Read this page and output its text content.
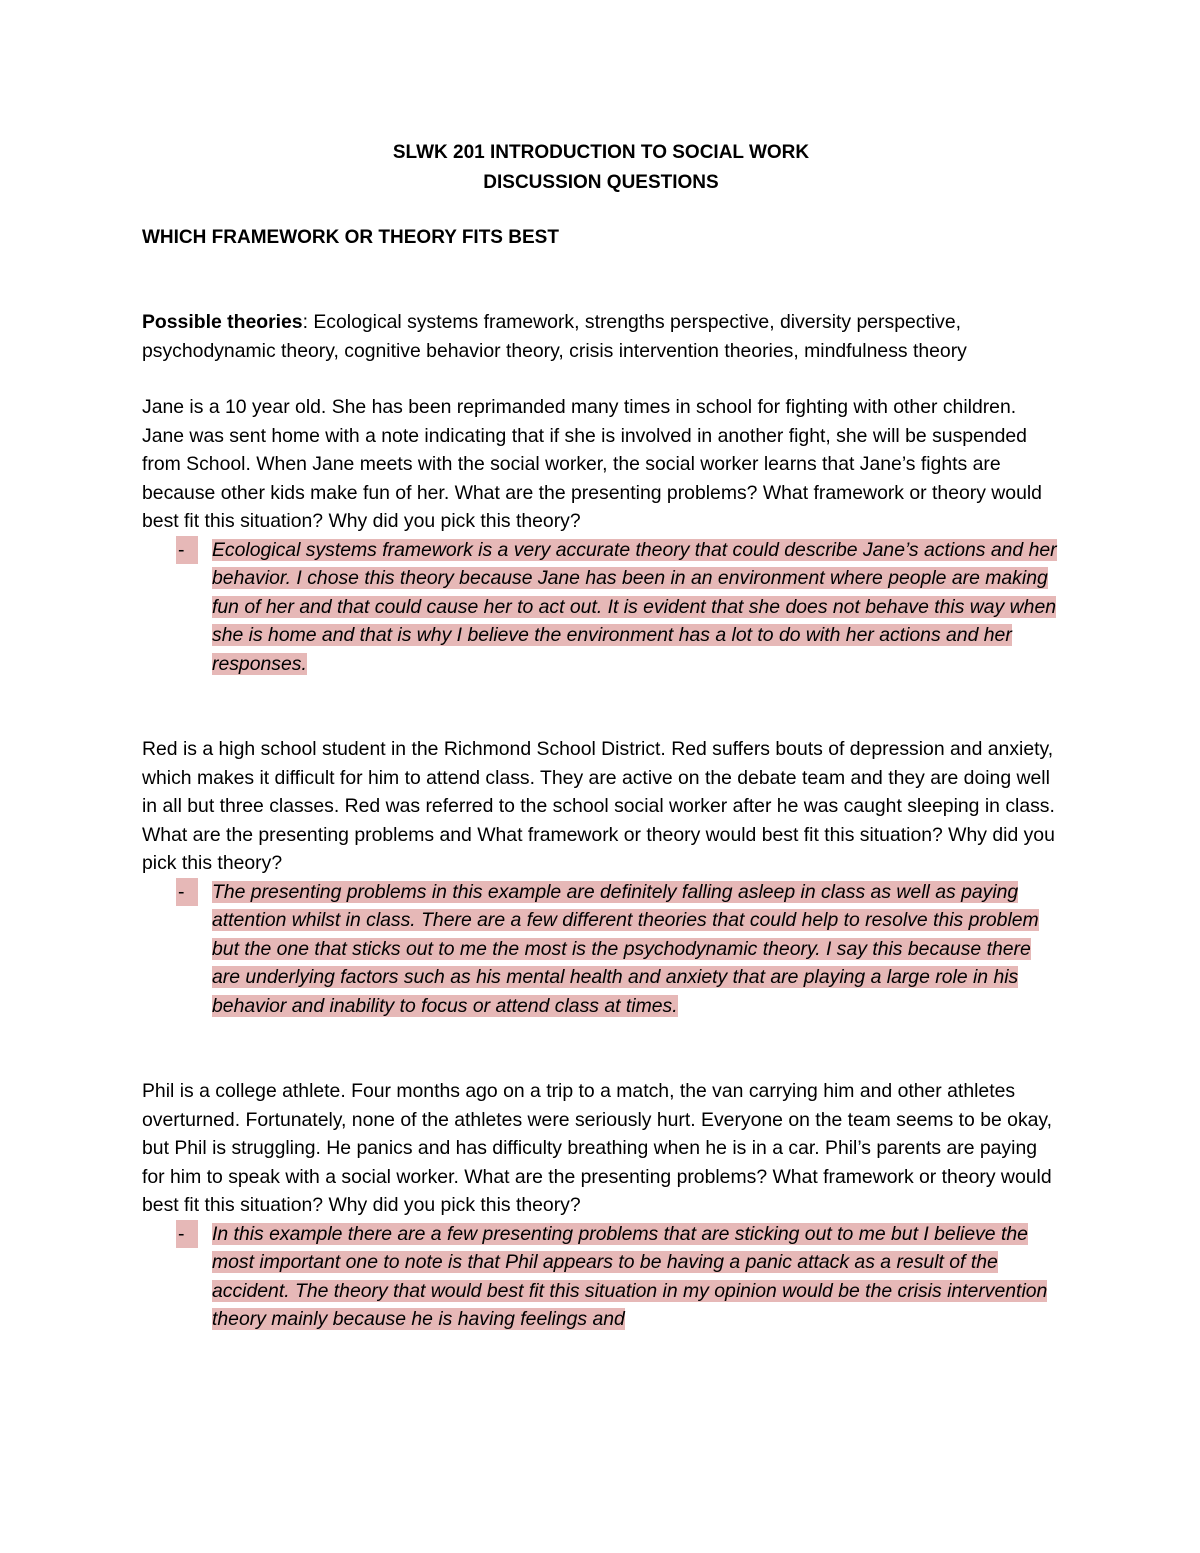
SLWK 201 INTRODUCTION TO SOCIAL WORK
DISCUSSION QUESTIONS
WHICH FRAMEWORK OR THEORY FITS BEST
Possible theories: Ecological systems framework, strengths perspective, diversity perspective, psychodynamic theory, cognitive behavior theory, crisis intervention theories, mindfulness theory
Jane is a 10 year old. She has been reprimanded many times in school for fighting with other children. Jane was sent home with a note indicating that if she is involved in another fight, she will be suspended from School. When Jane meets with the social worker, the social worker learns that Jane’s fights are because other kids make fun of her. What are the presenting problems? What framework or theory would best fit this situation? Why did you pick this theory?
-	Ecological systems framework is a very accurate theory that could describe Jane’s actions and her behavior. I chose this theory because Jane has been in an environment where people are making fun of her and that could cause her to act out. It is evident that she does not behave this way when she is home and that is why I believe the environment has a lot to do with her actions and her responses.
Red is a high school student in the Richmond School District. Red suffers bouts of depression and anxiety, which makes it difficult for him to attend class. They are active on the debate team and they are doing well in all but three classes. Red was referred to the school social worker after he was caught sleeping in class. What are the presenting problems and What framework or theory would best fit this situation? Why did you pick this theory?
-	The presenting problems in this example are definitely falling asleep in class as well as paying attention whilst in class. There are a few different theories that could help to resolve this problem but the one that sticks out to me the most is the psychodynamic theory. I say this because there are underlying factors such as his mental health and anxiety that are playing a large role in his behavior and inability to focus or attend class at times.
Phil is a college athlete. Four months ago on a trip to a match, the van carrying him and other athletes overturned. Fortunately, none of the athletes were seriously hurt. Everyone on the team seems to be okay, but Phil is struggling. He panics and has difficulty breathing when he is in a car. Phil’s parents are paying for him to speak with a social worker. What are the presenting problems? What framework or theory would best fit this situation? Why did you pick this theory?
-	In this example there are a few presenting problems that are sticking out to me but I believe the most important one to note is that Phil appears to be having a panic attack as a result of the accident. The theory that would best fit this situation in my opinion would be the crisis intervention theory mainly because he is having feelings and
